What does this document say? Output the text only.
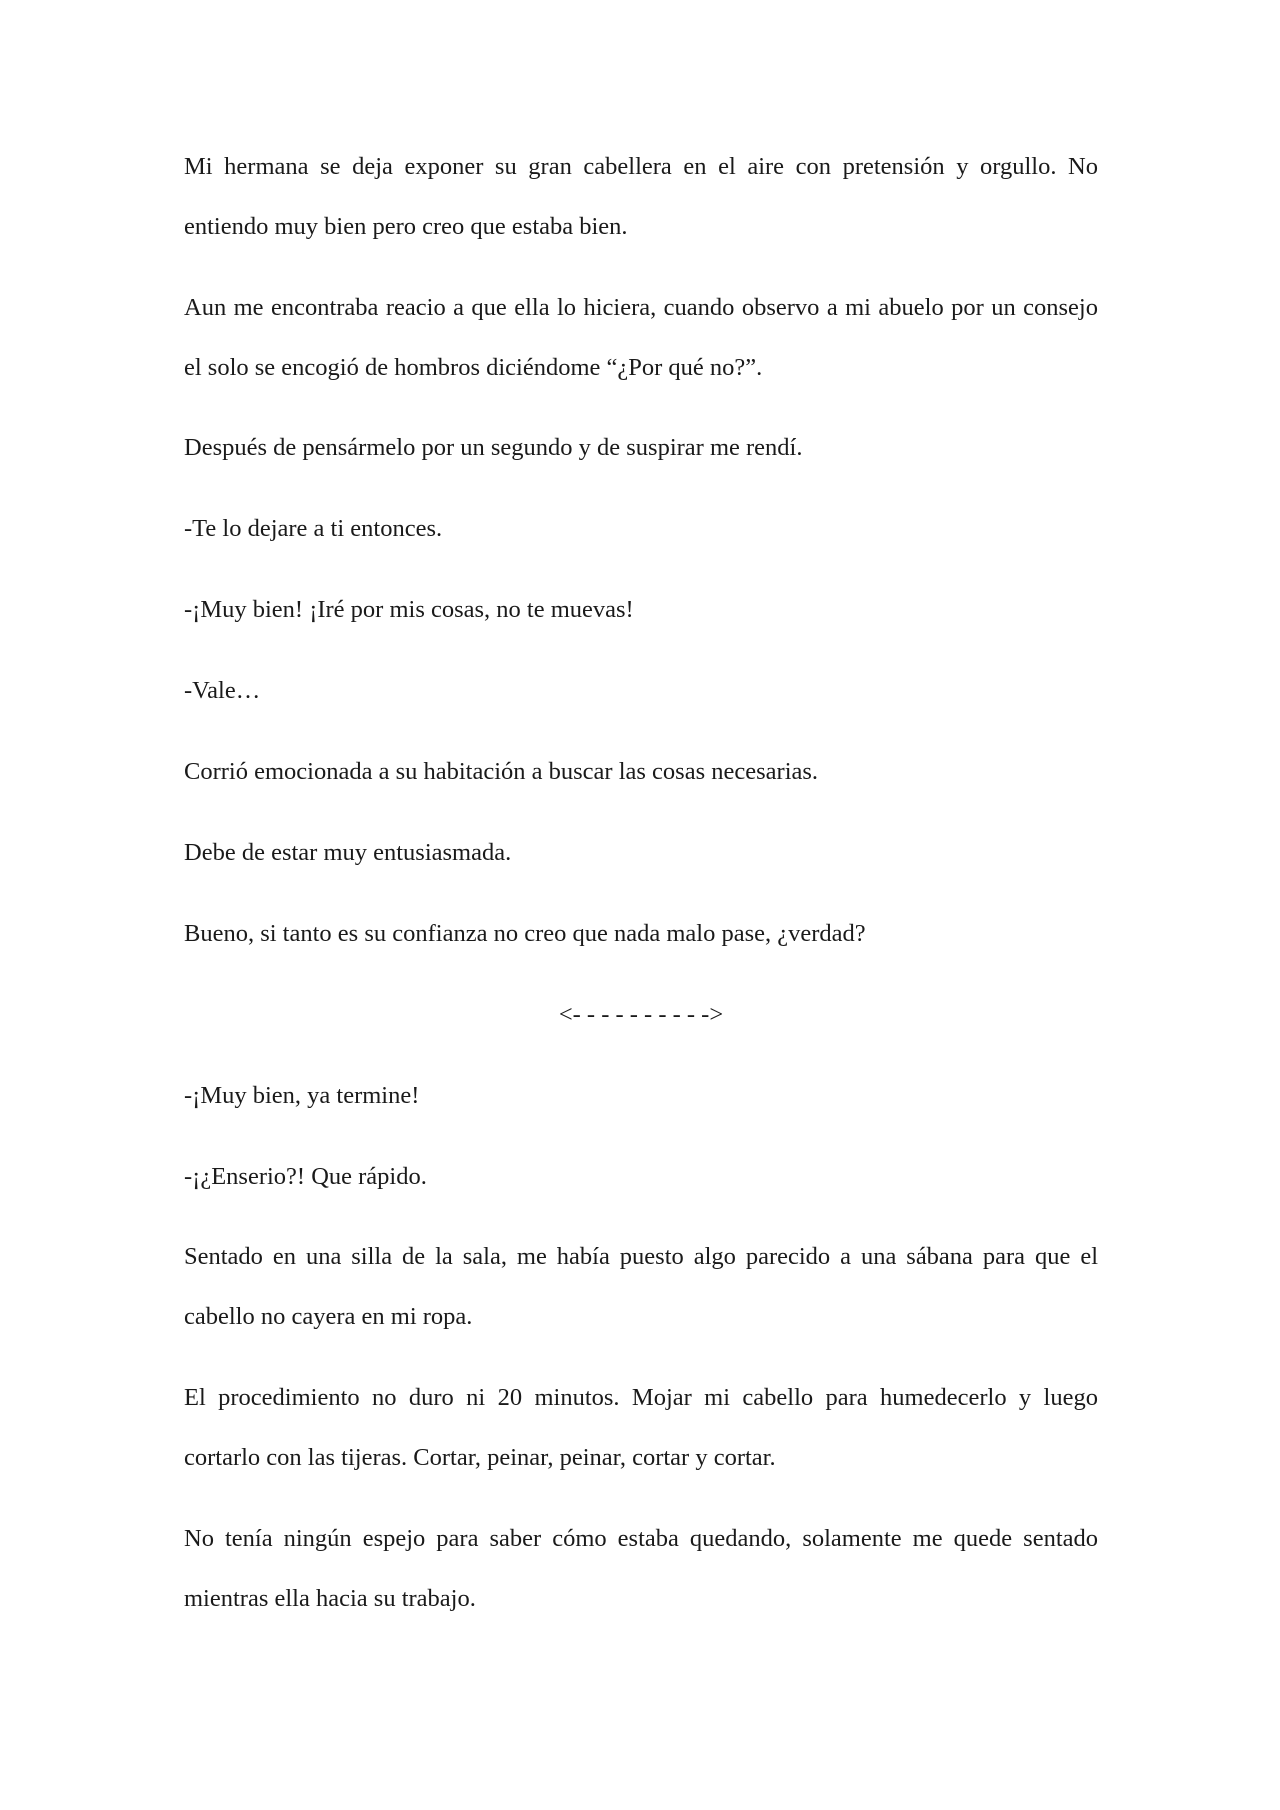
Mi hermana se deja exponer su gran cabellera en el aire con pretensión y orgullo. No entiendo muy bien pero creo que estaba bien.
Aun me encontraba reacio a que ella lo hiciera, cuando observo a mi abuelo por un consejo el solo se encogió de hombros diciéndome “¿Por qué no?”.
Después de pensármelo por un segundo y de suspirar me rendí.
-Te lo dejare a ti entonces.
-¡Muy bien! ¡Iré por mis cosas, no te muevas!
-Vale…
Corrió emocionada a su habitación a buscar las cosas necesarias.
Debe de estar muy entusiasmada.
Bueno, si tanto es su confianza no creo que nada malo pase, ¿verdad?
<- - - - - - - - - ->
-¡Muy bien, ya termine!
-¡¿Enserio?! Que rápido.
Sentado en una silla de la sala, me había puesto algo parecido a una sábana para que el cabello no cayera en mi ropa.
El procedimiento no duro ni 20 minutos. Mojar mi cabello para humedecerlo y luego cortarlo con las tijeras. Cortar, peinar, peinar, cortar y cortar.
No tenía ningún espejo para saber cómo estaba quedando, solamente me quede sentado mientras ella hacia su trabajo.
